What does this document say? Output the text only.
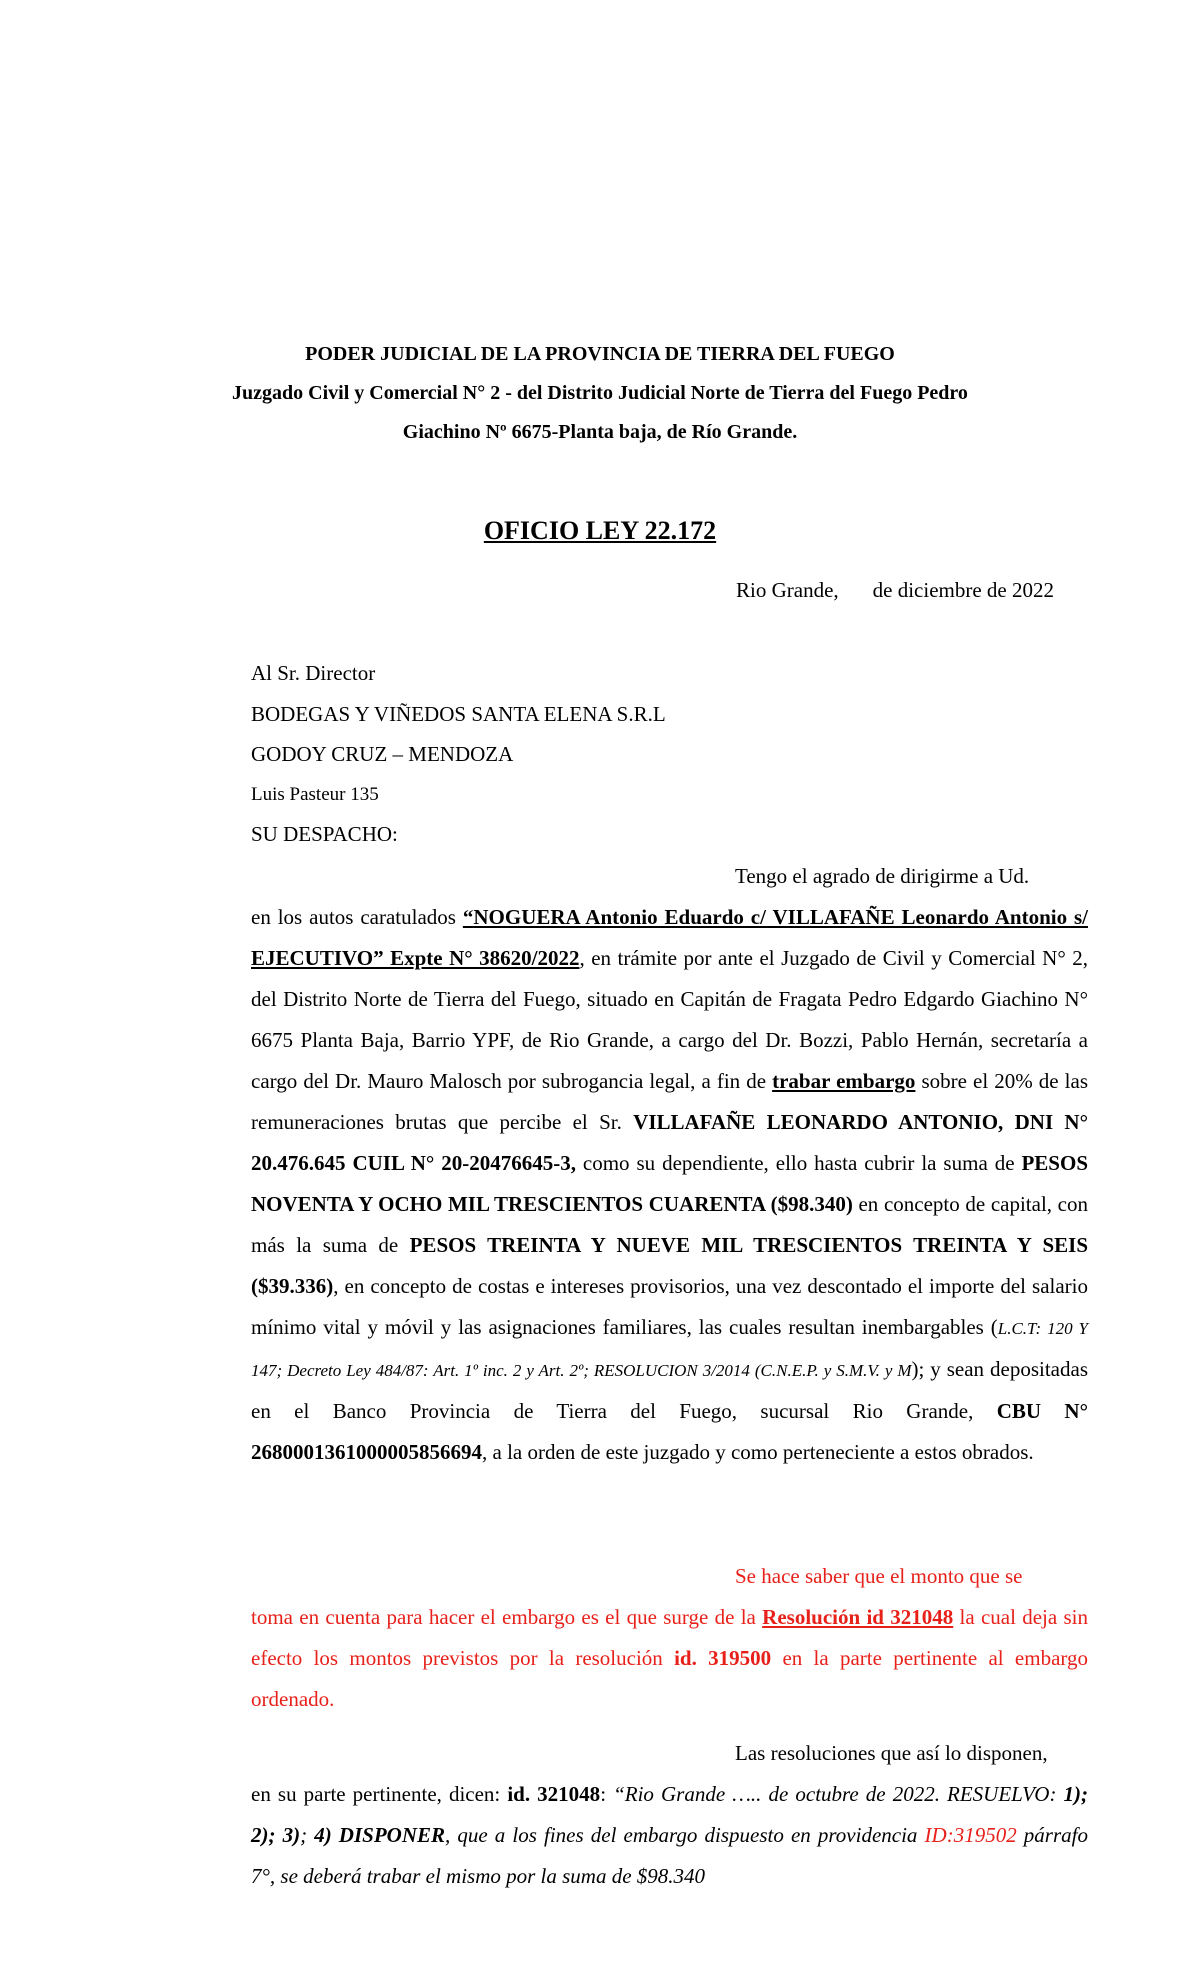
PODER JUDICIAL DE LA PROVINCIA DE TIERRA DEL FUEGO
Juzgado Civil y Comercial N° 2 - del Distrito Judicial Norte de Tierra del Fuego Pedro
Giachino Nº 6675-Planta baja, de Río Grande.
OFICIO LEY 22.172
Rio Grande, de diciembre de 2022
Al Sr. Director
BODEGAS Y VIÑEDOS SANTA ELENA S.R.L
GODOY CRUZ – MENDOZA
Luis Pasteur 135
SU DESPACHO:
Tengo el agrado de dirigirme a Ud.
en los autos caratulados “NOGUERA Antonio Eduardo c/ VILLAFAÑE Leonardo Antonio s/ EJECUTIVO” Expte N° 38620/2022, en trámite por ante el Juzgado de Civil y Comercial N° 2, del Distrito Norte de Tierra del Fuego, situado en Capitán de Fragata Pedro Edgardo Giachino N° 6675 Planta Baja, Barrio YPF, de Rio Grande, a cargo del Dr. Bozzi, Pablo Hernán, secretaría a cargo del Dr. Mauro Malosch por subrogancia legal, a fin de trabar embargo sobre el 20% de las remuneraciones brutas que percibe el Sr. VILLAFAÑE LEONARDO ANTONIO, DNI N° 20.476.645 CUIL N° 20-20476645-3, como su dependiente, ello hasta cubrir la suma de PESOS NOVENTA Y OCHO MIL TRESCIENTOS CUARENTA ($98.340) en concepto de capital, con más la suma de PESOS TREINTA Y NUEVE MIL TRESCIENTOS TREINTA Y SEIS ($39.336), en concepto de costas e intereses provisorios, una vez descontado el importe del salario mínimo vital y móvil y las asignaciones familiares, las cuales resultan inembargables (L.C.T: 120 Y 147; Decreto Ley 484/87: Art. 1º inc. 2 y Art. 2º; RESOLUCION 3/2014 (C.N.E.P. y S.M.V. y M); y sean depositadas en el Banco Provincia de Tierra del Fuego, sucursal Rio Grande, CBU N° 2680001361000005856694, a la orden de este juzgado y como perteneciente a estos obrados.
Se hace saber que el monto que se
toma en cuenta para hacer el embargo es el que surge de la Resolución id 321048 la cual deja sin efecto los montos previstos por la resolución id. 319500 en la parte pertinente al embargo ordenado.
Las resoluciones que así lo disponen,
en su parte pertinente, dicen: id. 321048: “Rio Grande ….. de octubre de 2022. RESUELVO: 1); 2); 3); 4) DISPONER, que a los fines del embargo dispuesto en providencia ID:319502 párrafo 7°, se deberá trabar el mismo por la suma de $98.340
